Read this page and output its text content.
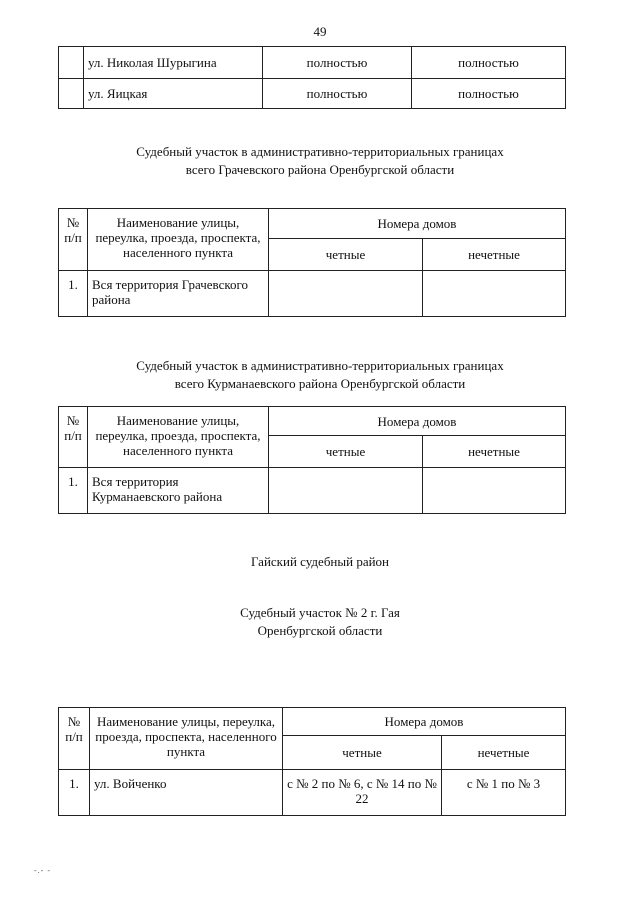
49
	ул. Николая Шурыгина	полностью	полностью
	ул. Яицкая	полностью	полностью
Судебный участок в административно-территориальных границах
всего Грачевского района Оренбургской области
№ п/п	Наименование улицы, переулка, проезда, проспекта, населенного пункта	Номера домов	
		четные	нечетные
1.	Вся территория Грачевского района		
Судебный участок в административно-территориальных границах
всего Курманаевского района Оренбургской области
№ п/п	Наименование улицы, переулка, проезда, проспекта, населенного пункта	Номера домов	
		четные	нечетные
1.	Вся территория Курманаевского района		
Гайский судебный район
Судебный участок № 2 г. Гая
Оренбургской области
№ п/п	Наименование улицы, переулка, проезда, проспекта, населенного пункта	Номера домов	
		четные	нечетные
1.	ул. Войченко	с № 2 по № 6, с № 14 по № 22	с № 1 по № 3
-.- -
